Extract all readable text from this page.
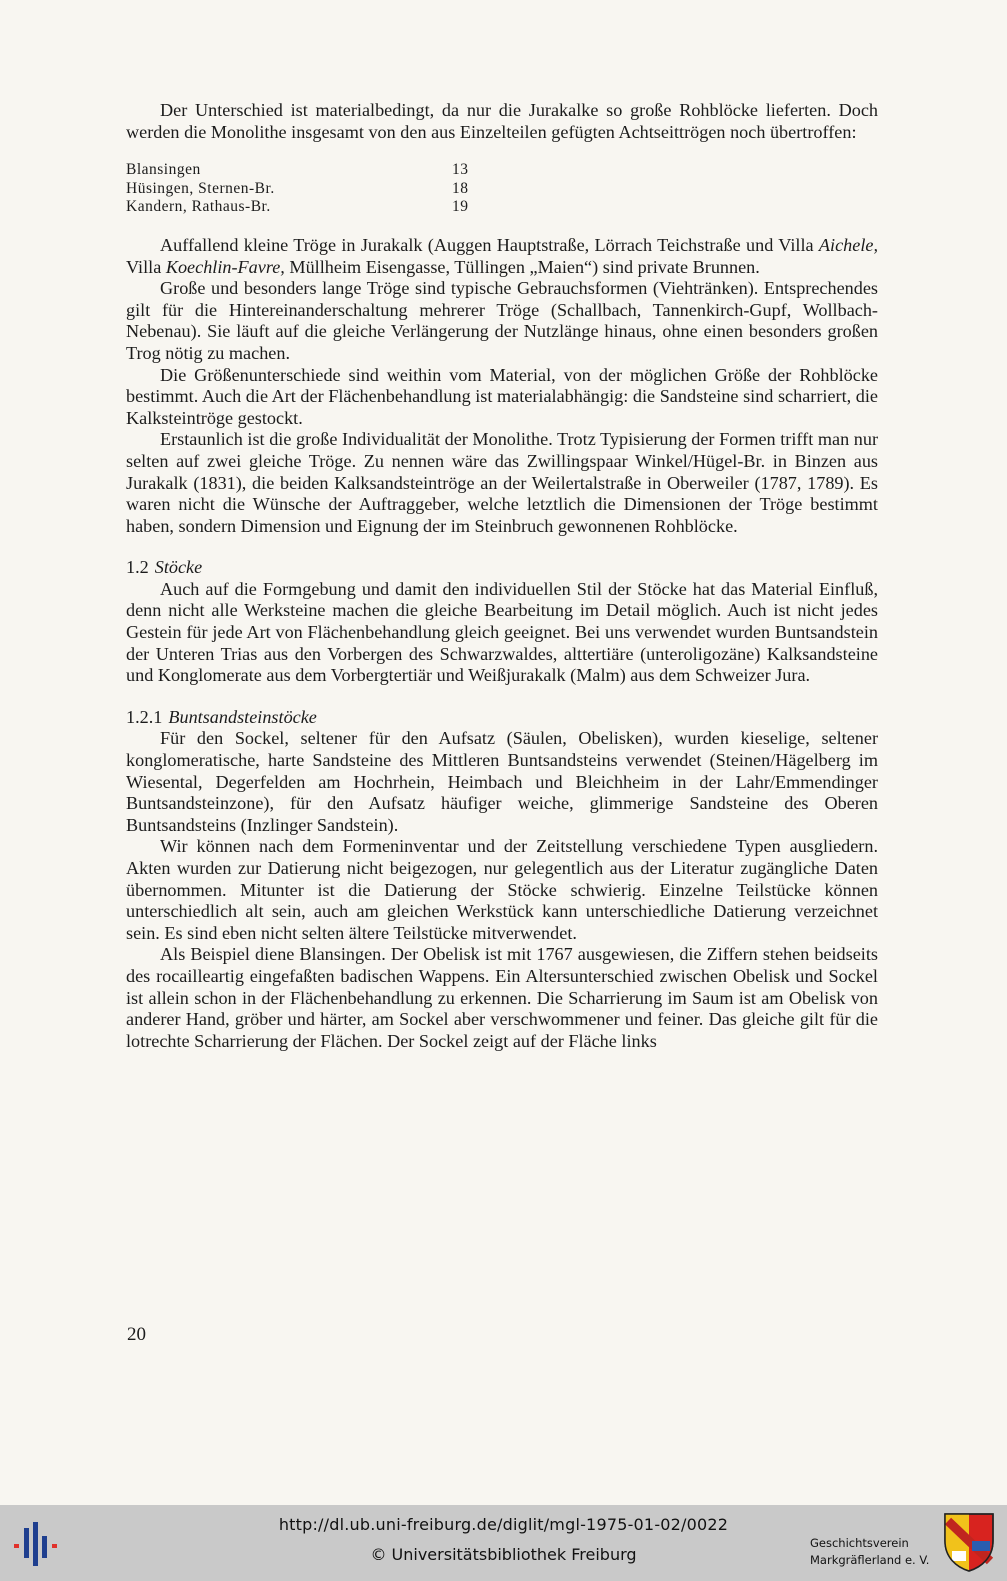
Der Unterschied ist materialbedingt, da nur die Jurakalke so große Rohblöcke lieferten. Doch werden die Monolithe insgesamt von den aus Einzelteilen gefügten Achtseittrögen noch übertroffen:

Blansingen	13
Hüsingen, Sternen-Br.	18
Kandern, Rathaus-Br.	19

Auffallend kleine Tröge in Jurakalk (Auggen Hauptstraße, Lörrach Teichstraße und Villa Aichele, Villa Koechlin-Favre, Müllheim Eisengasse, Tüllingen „Maien“) sind private Brunnen.

Große und besonders lange Tröge sind typische Gebrauchsformen (Viehtränken). Entsprechendes gilt für die Hintereinanderschaltung mehrerer Tröge (Schallbach, Tannenkirch-Gupf, Wollbach-Nebenau). Sie läuft auf die gleiche Verlängerung der Nutzlänge hinaus, ohne einen besonders großen Trog nötig zu machen.

Die Größenunterschiede sind weithin vom Material, von der möglichen Größe der Rohblöcke bestimmt. Auch die Art der Flächenbehandlung ist materialabhängig: die Sandsteine sind scharriert, die Kalksteintröge gestockt.

Erstaunlich ist die große Individualität der Monolithe. Trotz Typisierung der Formen trifft man nur selten auf zwei gleiche Tröge. Zu nennen wäre das Zwillingspaar Winkel/Hügel-Br. in Binzen aus Jurakalk (1831), die beiden Kalksandsteintröge an der Weilertalstraße in Oberweiler (1787, 1789). Es waren nicht die Wünsche der Auftraggeber, welche letztlich die Dimensionen der Tröge bestimmt haben, sondern Dimension und Eignung der im Steinbruch gewonnenen Rohblöcke.

1.2 Stöcke

Auch auf die Formgebung und damit den individuellen Stil der Stöcke hat das Material Einfluß, denn nicht alle Werksteine machen die gleiche Bearbeitung im Detail möglich. Auch ist nicht jedes Gestein für jede Art von Flächenbehandlung gleich geeignet. Bei uns verwendet wurden Buntsandstein der Unteren Trias aus den Vorbergen des Schwarzwaldes, alttertiäre (unteroligozäne) Kalksandsteine und Konglomerate aus dem Vorbergtertiär und Weißjurakalk (Malm) aus dem Schweizer Jura.

1.2.1 Buntsandsteinstöcke

Für den Sockel, seltener für den Aufsatz (Säulen, Obelisken), wurden kieselige, seltener konglomeratische, harte Sandsteine des Mittleren Buntsandsteins verwendet (Steinen/Hägelberg im Wiesental, Degerfelden am Hochrhein, Heimbach und Bleichheim in der Lahr/Emmendinger Buntsandsteinzone), für den Aufsatz häufiger weiche, glimmerige Sandsteine des Oberen Buntsandsteins (Inzlinger Sandstein).

Wir können nach dem Formeninventar und der Zeitstellung verschiedene Typen ausgliedern. Akten wurden zur Datierung nicht beigezogen, nur gelegentlich aus der Literatur zugängliche Daten übernommen. Mitunter ist die Datierung der Stöcke schwierig. Einzelne Teilstücke können unterschiedlich alt sein, auch am gleichen Werkstück kann unterschiedliche Datierung verzeichnet sein. Es sind eben nicht selten ältere Teilstücke mitverwendet.

Als Beispiel diene Blansingen. Der Obelisk ist mit 1767 ausgewiesen, die Ziffern stehen beidseits des rocailleartig eingefaßten badischen Wappens. Ein Altersunterschied zwischen Obelisk und Sockel ist allein schon in der Flächenbehandlung zu erkennen. Die Scharrierung im Saum ist am Obelisk von anderer Hand, gröber und härter, am Sockel aber verschwommener und feiner. Das gleiche gilt für die lotrechte Scharrierung der Flächen. Der Sockel zeigt auf der Fläche links

20
http://dl.ub.uni-freiburg.de/diglit/mgl-1975-01-02/0022
© Universitätsbibliothek Freiburg
Geschichtsverein
Markgräflerland e. V.
